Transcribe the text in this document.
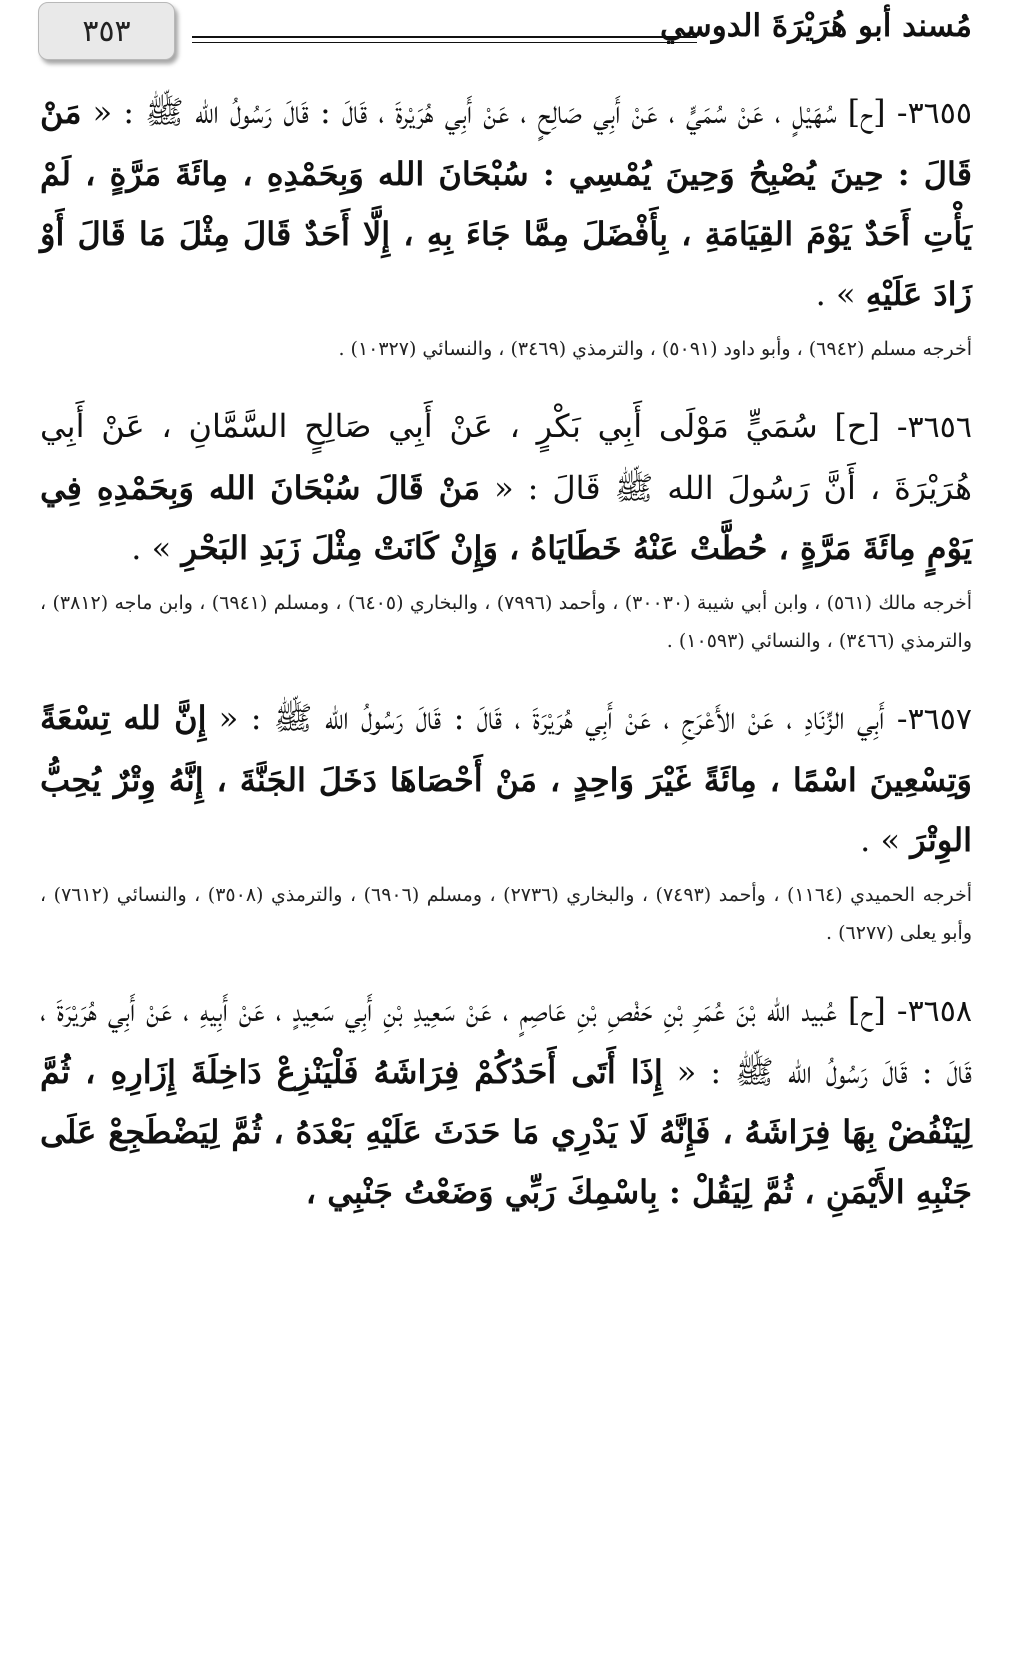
٣٥٣	مُسند أبو هُرَيْرَةَ الدوسي

٣٦٥٥- [ح] سُهَيْلٍ ، عَنْ سُمَيٍّ ، عَنْ أَبِي صَالِحٍ ، عَنْ أَبِي هُرَيْرةَ ، قَالَ : قَالَ رَسُولُ الله ﷺ : « مَنْ قَالَ : حِينَ يُصْبِحُ وَحِينَ يُمْسِي : سُبْحَانَ الله وَبِحَمْدِهِ ، مِائَةَ مَرَّةٍ ، لَمْ يَأْتِ أَحَدٌ يَوْمَ القِيَامَةِ ، بِأَفْضَلَ مِمَّا جَاءَ بِهِ ، إِلَّا أَحَدٌ قَالَ مِثْلَ مَا قَالَ أَوْ زَادَ عَلَيْهِ » .

أخرجه مسلم (٦٩٤٢) ، وأبو داود (٥٠٩١) ، والترمذي (٣٤٦٩) ، والنسائي (١٠٣٢٧) .

٣٦٥٦- [ح] سُمَيٍّ مَوْلَى أَبِي بَكْرٍ ، عَنْ أَبِي صَالِحٍ السَّمَّانِ ، عَنْ أَبِي هُرَيْرَةَ ، أَنَّ رَسُولَ الله ﷺ قَالَ : « مَنْ قَالَ سُبْحَانَ الله وَبِحَمْدِهِ فِي يَوْمٍ مِائَةَ مَرَّةٍ ، حُطَّتْ عَنْهُ خَطَايَاهُ ، وَإِنْ كَانَتْ مِثْلَ زَبَدِ البَحْرِ » .

أخرجه مالك (٥٦١) ، وابن أبي شيبة (٣٠٠٣٠) ، وأحمد (٧٩٩٦) ، والبخاري (٦٤٠٥) ، ومسلم (٦٩٤١) ، وابن ماجه (٣٨١٢) ، والترمذي (٣٤٦٦) ، والنسائي (١٠٥٩٣) .

٣٦٥٧- أَبِي الزِّنَادِ ، عَنْ الأَعْرَجِ ، عَنْ أَبِي هُرَيْرَةَ ، قَالَ : قَالَ رَسُولُ الله ﷺ : « إِنَّ لله تِسْعَةً وَتِسْعِينَ اسْمًا ، مِائَةً غَيْرَ وَاحِدٍ ، مَنْ أَحْصَاهَا دَخَلَ الجَنَّةَ ، إِنَّهُ وِتْرٌ يُحِبُّ الوِتْرَ » .

أخرجه الحميدي (١١٦٤) ، وأحمد (٧٤٩٣) ، والبخاري (٢٧٣٦) ، ومسلم (٦٩٠٦) ، والترمذي (٣٥٠٨) ، والنسائي (٧٦١٢) ، وأبو يعلى (٦٢٧٧) .

٣٦٥٨- [ح] عُبيد الله بْنَ عُمَرِ بْنِ حَفْصِ بْنِ عَاصِمٍ ، عَنْ سَعِيدِ بْنِ أَبِي سَعِيدٍ ، عَنْ أَبِيهِ ، عَنْ أَبِي هُرَيْرَةَ ، قَالَ : قَالَ رَسُولُ الله ﷺ : « إِذَا أَتَى أَحَدُكُمْ فِرَاشَهُ فَلْيَنْزِعْ دَاخِلَةَ إِزَارِهِ ، ثُمَّ لِيَنْفُضْ بِهَا فِرَاشَهُ ، فَإِنَّهُ لَا يَدْرِي مَا حَدَثَ عَلَيْهِ بَعْدَهُ ، ثُمَّ لِيَضْطَجِعْ عَلَى جَنْبِهِ الأَيْمَنِ ، ثُمَّ لِيَقُلْ : بِاسْمِكَ رَبِّي وَضَعْتُ جَنْبِي ،
